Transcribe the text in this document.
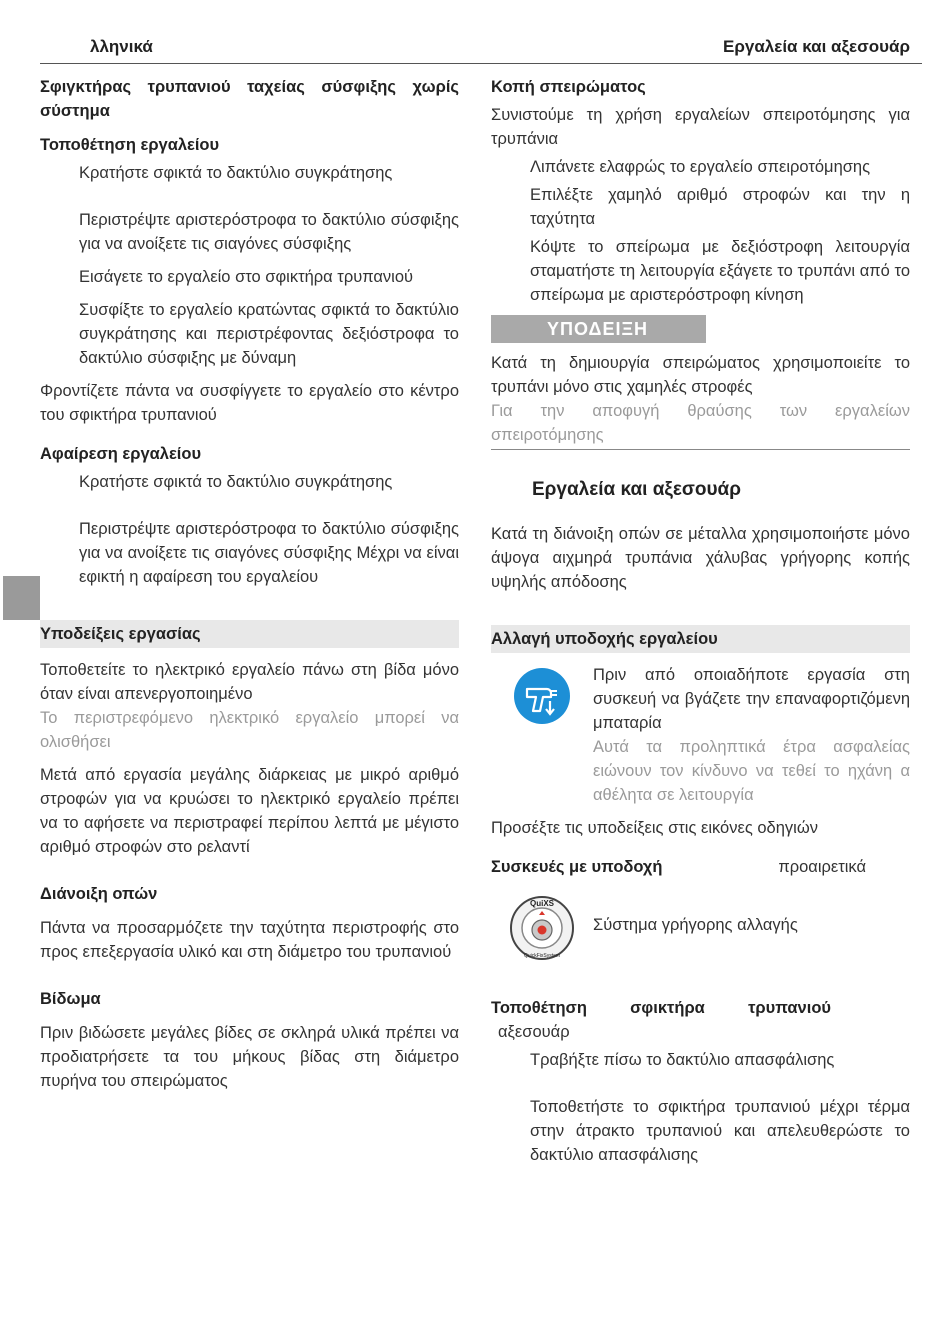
λληνικά	Εργαλεία και αξεσουάρ

Σφιγκτήρας τρυπανιού ταχείας σύσφιξης χωρίς σύστημα

Τοποθέτηση εργαλείου

Κρατήστε σφικτά το δακτύλιο συγκράτησης

Περιστρέψτε αριστερόστροφα το δακτύλιο σύσφιξης για να ανοίξετε τις σιαγόνες σύσφιξης

Εισάγετε το εργαλείο στο σφικτήρα τρυπανιού

Συσφίξτε το εργαλείο κρατώντας σφικτά το δακτύλιο συγκράτησης και περιστρέφοντας δεξιόστροφα το δακτύλιο σύσφιξης με δύναμη

Φροντίζετε πάντα να συσφίγγετε το εργαλείο στο κέντρο του σφικτήρα τρυπανιού

Αφαίρεση εργαλείου

Κρατήστε σφικτά το δακτύλιο συγκράτησης

Περιστρέψτε αριστερόστροφα το δακτύλιο σύσφιξης για να ανοίξετε τις σιαγόνες σύσφιξης Μέχρι να είναι εφικτή η αφαίρεση του εργαλείου

Υποδείξεις εργασίας

Τοποθετείτε το ηλεκτρικό εργαλείο πάνω στη βίδα μόνο όταν είναι απενεργοποιημένο

Το περιστρεφόμενο ηλεκτρικό εργαλείο μπορεί να ολισθήσει

Μετά από εργασία μεγάλης διάρκειας με μικρό αριθμό στροφών για να κρυώσει το ηλεκτρικό εργαλείο πρέπει να το αφήσετε να περιστραφεί περίπου λεπτά με μέγιστο αριθμό στροφών στο ρελαντί

Διάνοιξη οπών

Πάντα να προσαρμόζετε την ταχύτητα περιστροφής στο προς επεξεργασία υλικό και στη διάμετρο του τρυπανιού

Βίδωμα

Πριν βιδώσετε μεγάλες βίδες σε σκληρά υλικά πρέπει να προδιατρήσετε τα του μήκους βίδας στη διάμετρο πυρήνα του σπειρώματος

Κοπή σπειρώματος

Συνιστούμε τη χρήση εργαλείων σπειροτόμησης για τρυπάνια

Λιπάνετε ελαφρώς το εργαλείο σπειροτόμησης

Επιλέξτε χαμηλό αριθμό στροφών και την η ταχύτητα

Κόψτε το σπείρωμα με δεξιόστροφη λειτουργία σταματήστε τη λειτουργία εξάγετε το τρυπάνι από το σπείρωμα με αριστερόστροφη κίνηση

ΥΠΟΔΕΙΞΗ

Κατά τη δημιουργία σπειρώματος χρησιμοποιείτε το τρυπάνι μόνο στις χαμηλές στροφές

Για την αποφυγή θραύσης των εργαλείων σπειροτόμησης

Εργαλεία και αξεσουάρ

Κατά τη διάνοιξη οπών σε μέταλλα χρησιμοποιήστε μόνο άψογα αιχμηρά τρυπάνια χάλυβας γρήγορης κοπής υψηλής απόδοσης

Αλλαγή υποδοχής εργαλείου

Πριν από οποιαδήποτε εργασία στη συσκευή να βγάζετε την επαναφορτιζόμενη μπαταρία

Αυτά τα προληπτικά έτρα ασφαλείας ειώνουν τον κίνδυνο να τεθεί το ηχάνη α αθέλητα σε λειτουργία

Προσέξτε τις υποδείξεις στις εικόνες οδηγιών

Συσκευές με υποδοχή	προαιρετικά
QuiXS
QuickFixSystem

Σύστημα γρήγορης αλλαγής

Τοποθέτηση σφικτήρα τρυπανιού

αξεσουάρ

Τραβήξτε πίσω το δακτύλιο απασφάλισης

Τοποθετήστε το σφικτήρα τρυπανιού μέχρι τέρμα στην άτρακτο τρυπανιού και απελευθερώστε το δακτύλιο απασφάλισης
